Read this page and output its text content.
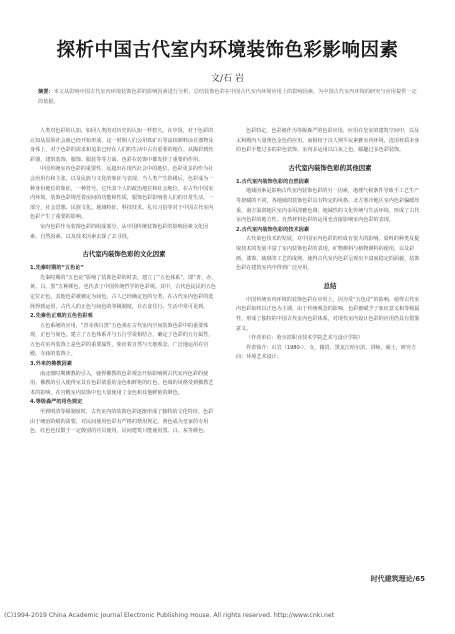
探析中国古代室内环境装饰色彩影响因素
文/石 岩
摘要：本文从影响中国古代室内环境装饰色彩的影响因素进行分析，总结装饰色彩在中国古代室内环境应用上的影响因素，为中国古代室内环境的研究与应用提供一定的依据。

人类对色彩的认知，如同人类的对历史的认知一样悠久。在中国，对于色彩的认知从原始社会就已经开始形成，这一时期人们会用铁矿石等涂抹颜料涂在器物及身体上，对于色彩的需求和追求已经在人们的生活中占有重要的地位。从陶彩到丝彩器，建筑装饰，服饰、服装等等方面，色彩在装饰中都发挥了重要的作用。

中国传统室内色彩的重要性，远超出在现代社会中的地位。色彩更多的作为社会治用有和主张，以及民族与文化的象征与表现。当人类产生阶级后，色彩成为一种身份地位的象征，一种符号。它代表个人的政治地位和社会地位。在古代中国室内环境，装饰色彩规范着房间的功能和性质，服饰色彩影响着人们的日常生活。一部分，社会思想、民族文化、地域特征、科技技术、礼仪习俗等对于中国古代室内色彩产生了重要的影响。

室内色彩作为装饰色彩的组成部分，从中国传统装饰色彩的影响因素文化因素、自然因素、以及技术因素去探了去寻找。

古代室内装饰色彩的文化因素

1.先秦时期的“五色论”

先秦时期的“五色论”影响了装饰色彩的时表，建立了“五色体系”，即“青、赤、黄、白、黑”五种颜色。也代表了中国传统哲学的色彩观。其中，古代色民民的五色定位正色，其他色彩被被定为间色，古人已经确定色的分类，在古代室内色彩的选择得到运用，古代人的正色与间色的等级制度，在衣食住行、生活中常可见到。

2.先秦色正观的五色色彩观

五色系统的应用，“青赤黄白黑”五色观在古代室内空间装饰色彩中的重要体现，正色与间色，建立了五色体系并与五行学说相结合，确定了色彩的五行属性，五色在室内装饰上是色彩的重要属性，象征着自然与天地观念，广泛地运用在宫殿、寺庙的装饰上。

3.外来的佛教因素

南北朝时期佛教的引入，使得佛教的色彩观念开始影响到古代室内色彩的使用。佛教的引入使得室具有色彩浓重的金色和鲜艳的红色，色调的风格受到佛教艺术的影响，在宫殿室内装饰中也大量使用了金色和其他鲜艳的颜色。

4.等级森严的用色规定

至到明清等级制度时，古代室内的装饰色彩逐渐形成了独特的文化特征。色彩由于统治阶级的需要，对民间使用色彩有严格的禁用规定。黄色成为皇家的专用色，红色也仅限于一定级别的官员使用，民间建筑只能使用黑、白、灰等颜色。

色彩特定，色彩被作为等级森严的色彩应用，应用在皇室的建筑空间中，以及太和殿内大量黄色金色的应用，而相较于汉人则平民素雅室内环境，选用材质本身的色彩不能过多的彩色装饰。室内多运用以白灰之色，邮趣过多色彩装饰。

古代室内装饰色彩的其他因素

1.古代室内装饰色彩的自然因素

地域因素是影响古代室内装饰色彩的另一因素，地理气候条件导致手工艺生产等禀赋的不同，各地域的装饰色彩具有特定的风格，北方寒冷地区室内色彩偏暖厚重，南方温润地区室内多用淡雅色调；地域性的文化传统与生活环境，形成了古代室内色彩的地方性。自然材料色彩的运用也直接影响室内色彩的表现。

2.古代室内装饰色彩的技术因素

古代染色技术的发展，对中国室内色彩的形成有很大的影响。染料的种类及提取技术的发展丰富了室内装饰色彩的表现，矿物颜料与植物颜料的使用，以及彩画、漆饰、琉璃等工艺的成熟，使得古代室内色彩呈现出丰富而稳定的面貌，装饰色彩在建筑室内中得到广泛应用。

总结

中国传统室内环境的装饰色彩在应用上，因为受“五色论”的影响，使得古代室内色彩始终以正色为主调，由于传统观念的影响，色彩被赋予了象征意义和等级属性，形成了独特的中国古代室内色彩体系，对现代室内设计色彩的应用仍具有借鉴意义。

（作者单位：哈尔滨职业技术学院艺术与设计学院）

作者简介：石岩（1980-），女，籍贯，黑龙江哈尔滨，讲师，硕士，研究方向：环境艺术设计。

时代建筑理论/65
(C)1994-2019 China Academic Journal Electronic Publishing House. All rights reserved. http://www.cnki.net
